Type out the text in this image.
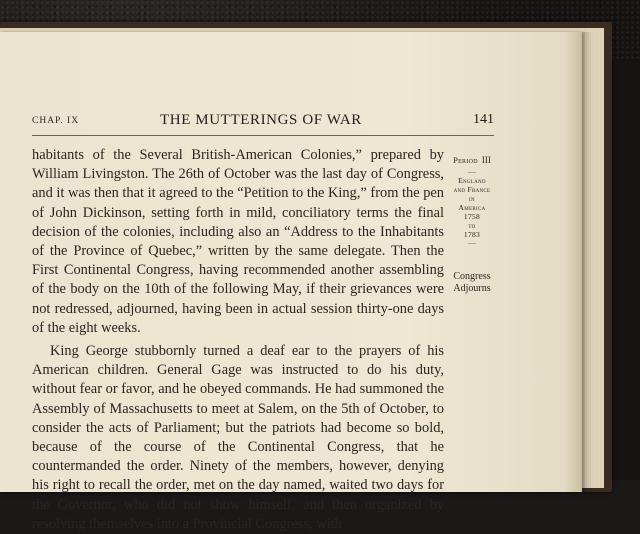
CHAP. IX	THE MUTTERINGS OF WAR	141

habitants of the Several British-American Colonies,” prepared by William Livingston. The 26th of October was the last day of Congress, and it was then that it agreed to the “Petition to the King,” from the pen of John Dickinson, setting forth in mild, conciliatory terms the final decision of the colonies, including also an “Address to the Inhabitants of the Province of Quebec,” written by the same delegate. Then the First Continental Congress, having recommended another assembling of the body on the 10th of the following May, if their grievances were not redressed, adjourned, having been in actual session thirty-one days of the eight weeks.

King George stubbornly turned a deaf ear to the prayers of his American children. General Gage was instructed to do his duty, without fear or favor, and he obeyed commands. He had summoned the Assembly of Massachusetts to meet at Salem, on the 5th of October, to consider the acts of Parliament; but the patriots had become so bold, because of the course of the Continental Congress, that he countermanded the order. Ninety of the members, however, denying his right to recall the order, met on the day named, waited two days for the Governor, who did not show himself, and then organized by resolving themselves into a Provincial Congress, with

Period III
—
England
and France
in
America
1758
to
1783
—
Congress
Adjourns
